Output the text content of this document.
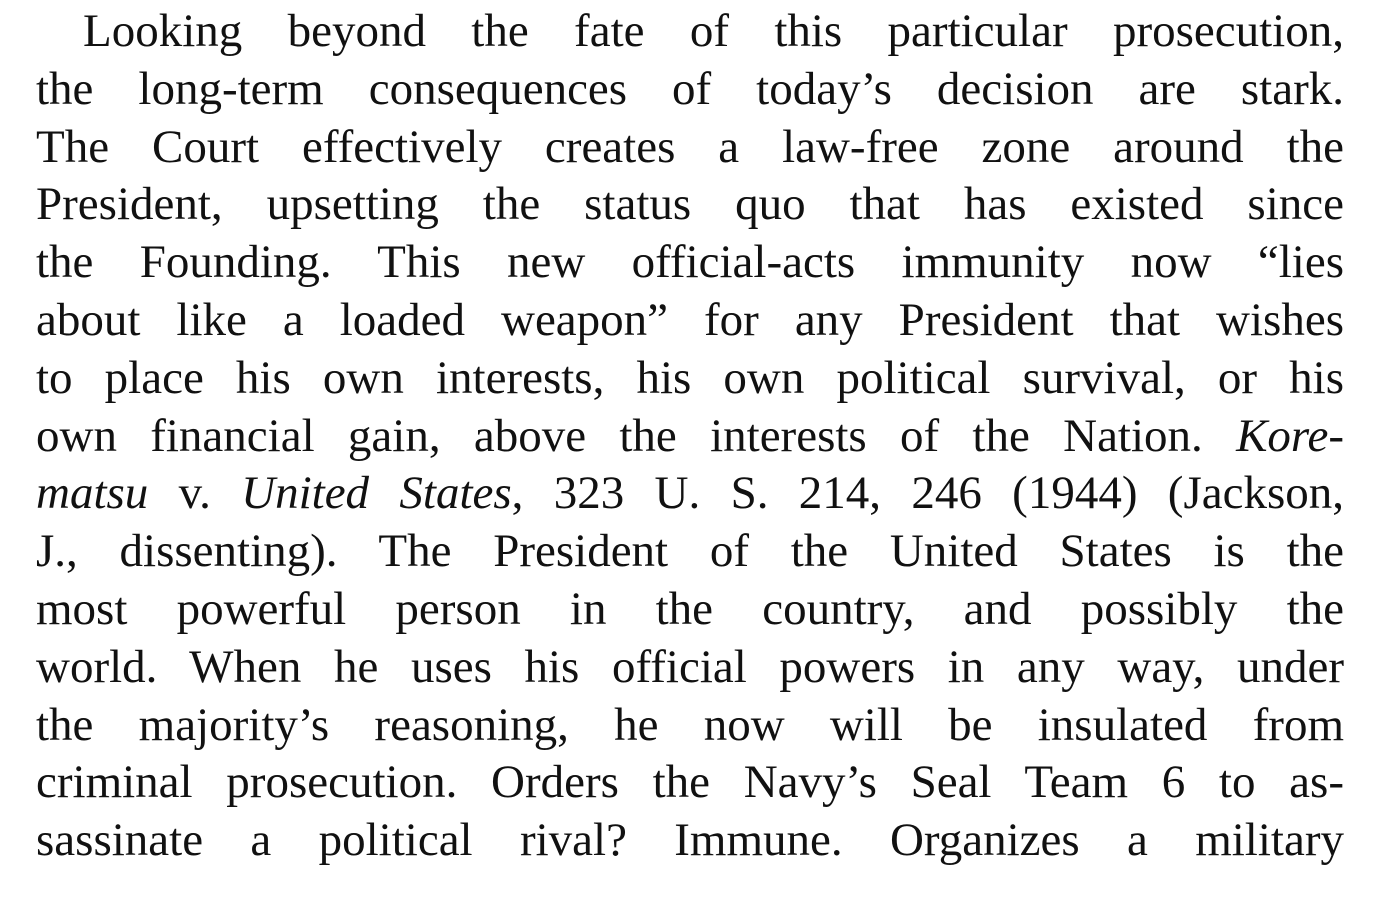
Looking beyond the fate of this particular prosecution,
the long-term consequences of today’s decision are stark.
The Court effectively creates a law-free zone around the
President, upsetting the status quo that has existed since
the Founding. This new official-acts immunity now “lies
about like a loaded weapon” for any President that wishes
to place his own interests, his own political survival, or his
own financial gain, above the interests of the Nation. Kore-
matsu v. United States, 323 U. S. 214, 246 (1944) (Jackson,
J., dissenting). The President of the United States is the
most powerful person in the country, and possibly the
world. When he uses his official powers in any way, under
the majority’s reasoning, he now will be insulated from
criminal prosecution. Orders the Navy’s Seal Team 6 to as-
sassinate a political rival? Immune. Organizes a military
